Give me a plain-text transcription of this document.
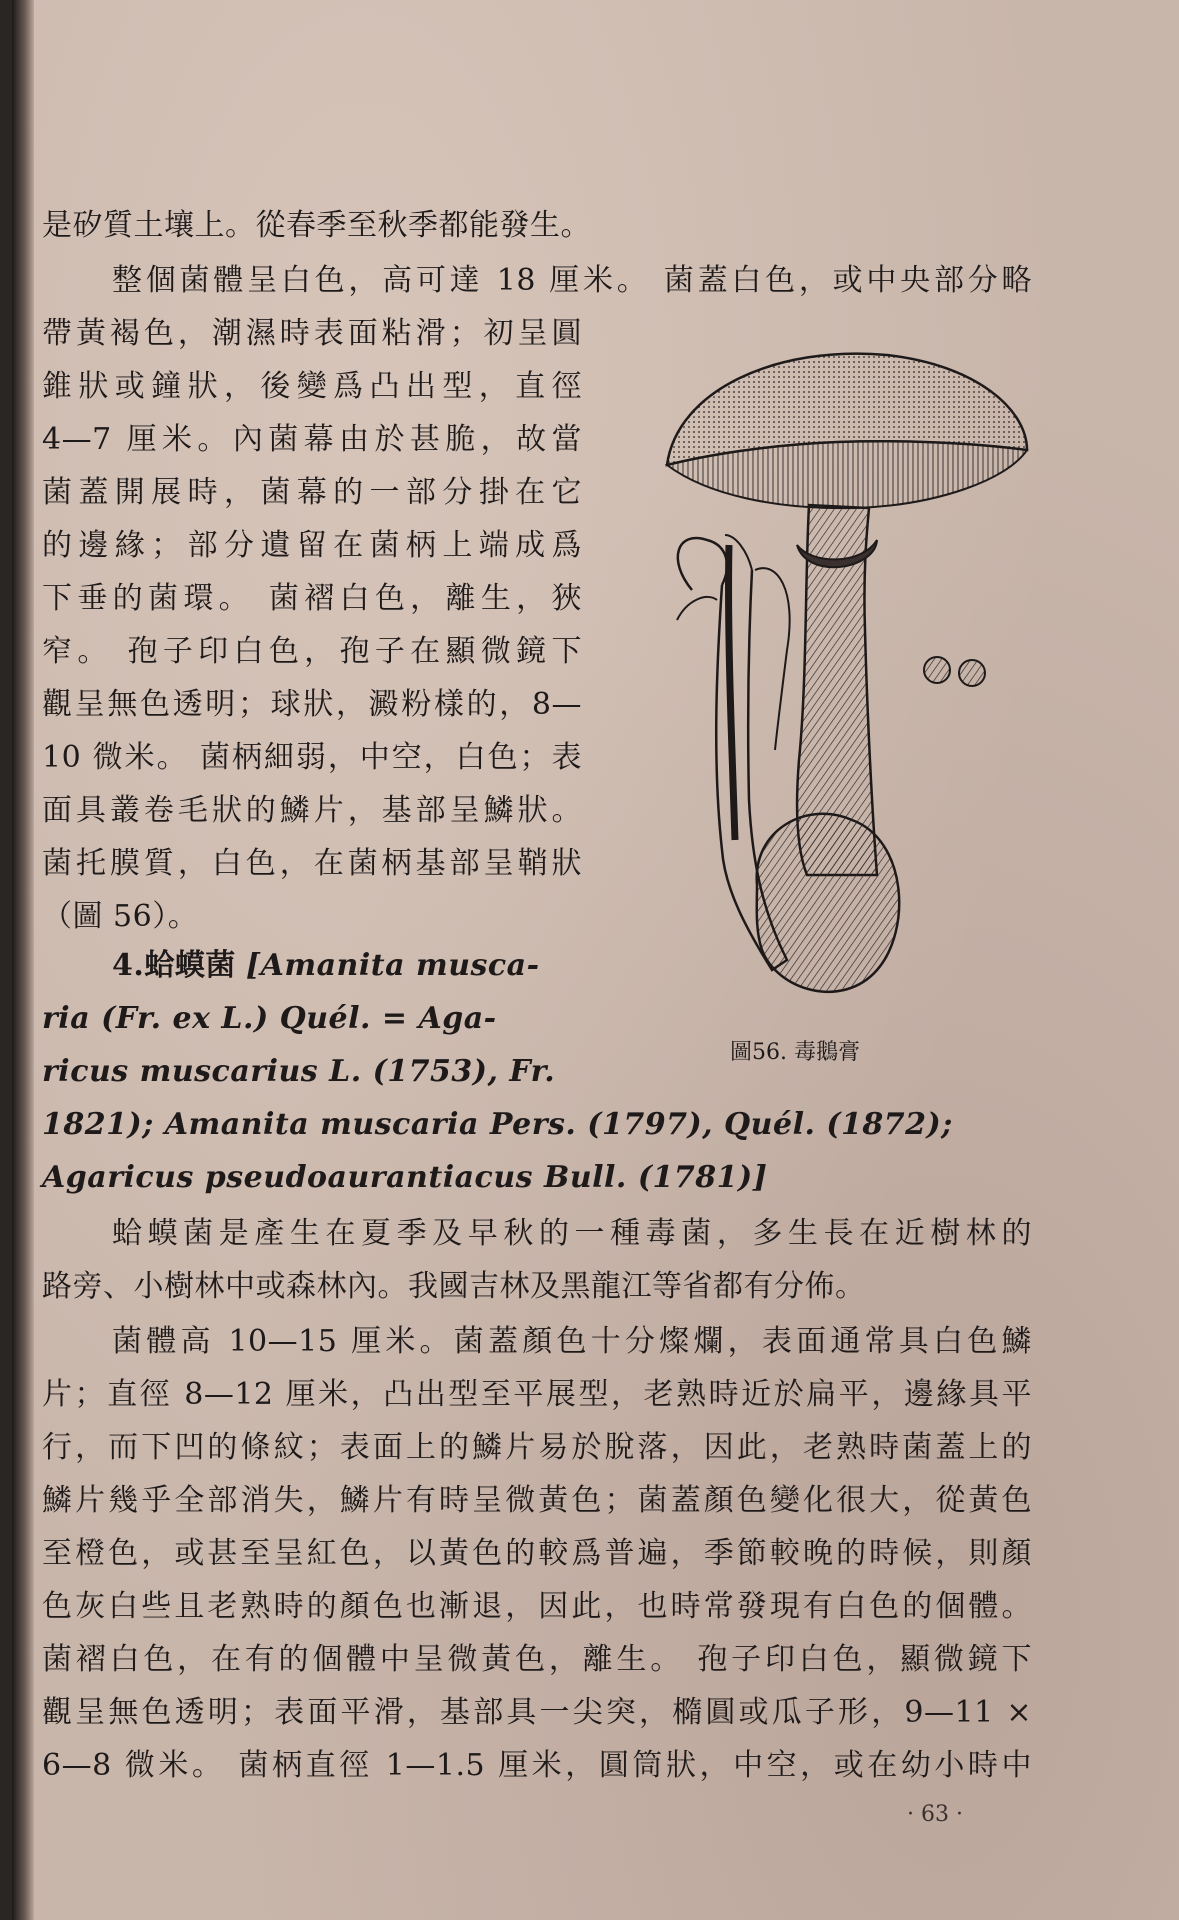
是矽質土壤上。從春季至秋季都能發生。
整個菌體呈白色，高可達 18 厘米。 菌蓋白色，或中央部分略
帶黃褐色，潮濕時表面粘滑；初呈圓
錐狀或鐘狀，後變爲凸出型，直徑
4—7 厘米。內菌幕由於甚脆，故當
菌蓋開展時，菌幕的一部分掛在它
的邊緣；部分遺留在菌柄上端成爲
下垂的菌環。 菌褶白色，離生，狹
窄。 孢子印白色，孢子在顯微鏡下
觀呈無色透明；球狀，澱粉樣的，8—
10 微米。 菌柄細弱，中空，白色；表
面具叢卷毛狀的鱗片，基部呈鱗狀。
菌托膜質，白色，在菌柄基部呈鞘狀
（圖 56）。
4.蛤蟆菌 [Amanita musca-
ria (Fr. ex L.) Quél. = Aga-
ricus muscarius L. (1753), Fr.
1821); Amanita muscaria Pers. (1797), Quél. (1872);
Agaricus pseudoaurantiacus Bull. (1781)]
蛤蟆菌是產生在夏季及早秋的一種毒菌，多生長在近樹林的
路旁、小樹林中或森林內。我國吉林及黑龍江等省都有分佈。
菌體高 10—15 厘米。菌蓋顏色十分燦爛，表面通常具白色鱗
片；直徑 8—12 厘米，凸出型至平展型，老熟時近於扁平，邊緣具平
行，而下凹的條紋；表面上的鱗片易於脫落，因此，老熟時菌蓋上的
鱗片幾乎全部消失，鱗片有時呈微黃色；菌蓋顏色變化很大，從黃色
至橙色，或甚至呈紅色，以黃色的較爲普遍，季節較晚的時候，則顏
色灰白些且老熟時的顏色也漸退，因此，也時常發現有白色的個體。
菌褶白色，在有的個體中呈微黃色，離生。 孢子印白色，顯微鏡下
觀呈無色透明；表面平滑，基部具一尖突，橢圓或瓜子形，9—11 ×
6—8 微米。 菌柄直徑 1—1.5 厘米，圓筒狀，中空，或在幼小時中
圖56. 毒鵝膏
· 63 ·
